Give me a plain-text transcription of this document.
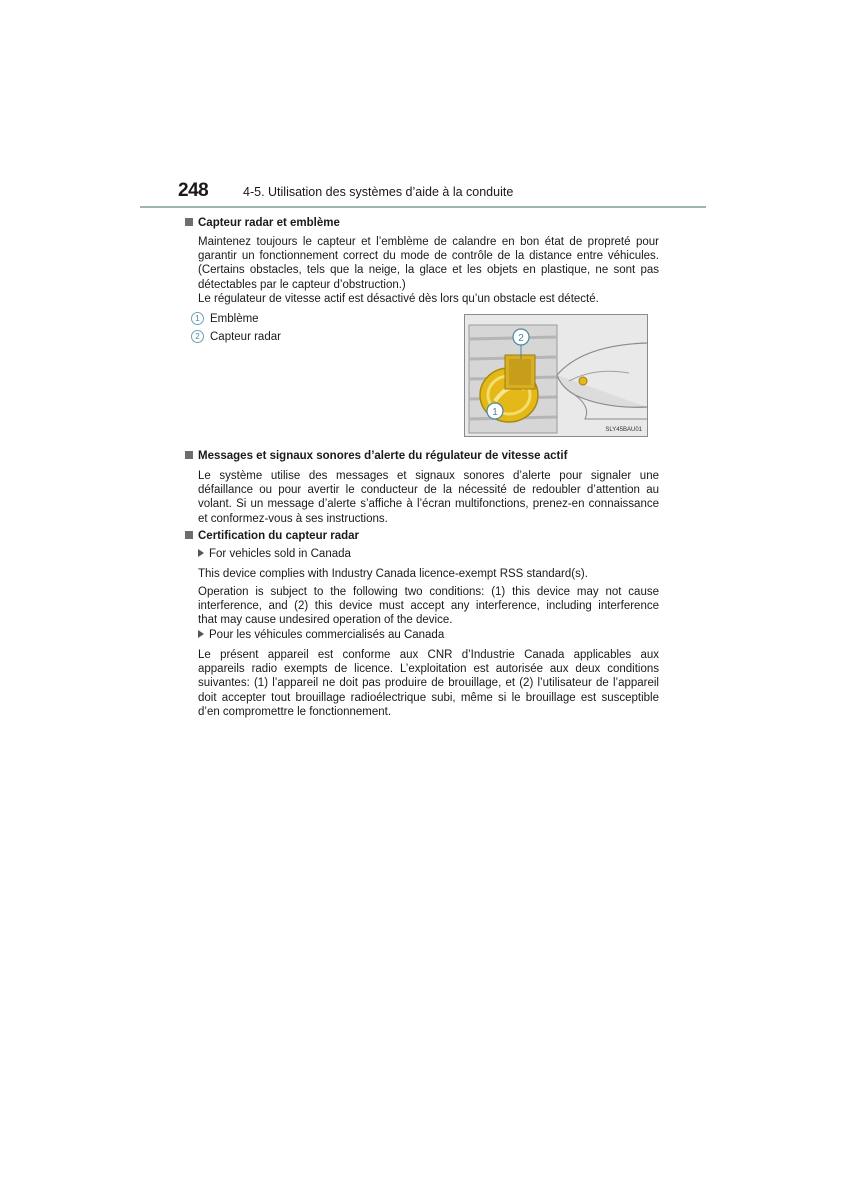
248	4-5. Utilisation des systèmes d’aide à la conduite
Capteur radar et emblème
Maintenez toujours le capteur et l’emblème de calandre en bon état de propreté pour
garantir un fonctionnement correct du mode de contrôle de la distance entre véhicules.
(Certains obstacles, tels que la neige, la glace et les objets en plastique, ne sont pas
détectables par le capteur d’obstruction.)
Le régulateur de vitesse actif est désactivé dès lors qu’un obstacle est détecté.
1 Emblème
2 Capteur radar	2
1
SLY45BAU01
Messages et signaux sonores d’alerte du régulateur de vitesse actif
Le système utilise des messages et signaux sonores d’alerte pour signaler une
défaillance ou pour avertir le conducteur de la nécessité de redoubler d’attention au
volant. Si un message d’alerte s’affiche à l’écran multifonctions, prenez-en connaissance
et conformez-vous à ses instructions.
Certification du capteur radar
For vehicles sold in Canada
This device complies with Industry Canada licence-exempt RSS standard(s).
Operation is subject to the following two conditions: (1) this device may not cause
interference, and (2) this device must accept any interference, including interference
that may cause undesired operation of the device.
Pour les véhicules commercialisés au Canada
Le présent appareil est conforme aux CNR d’Industrie Canada applicables aux
appareils radio exempts de licence. L’exploitation est autorisée aux deux conditions
suivantes: (1) l’appareil ne doit pas produire de brouillage, et (2) l’utilisateur de l’appareil
doit accepter tout brouillage radioélectrique subi, même si le brouillage est susceptible
d’en compromettre le fonctionnement.
